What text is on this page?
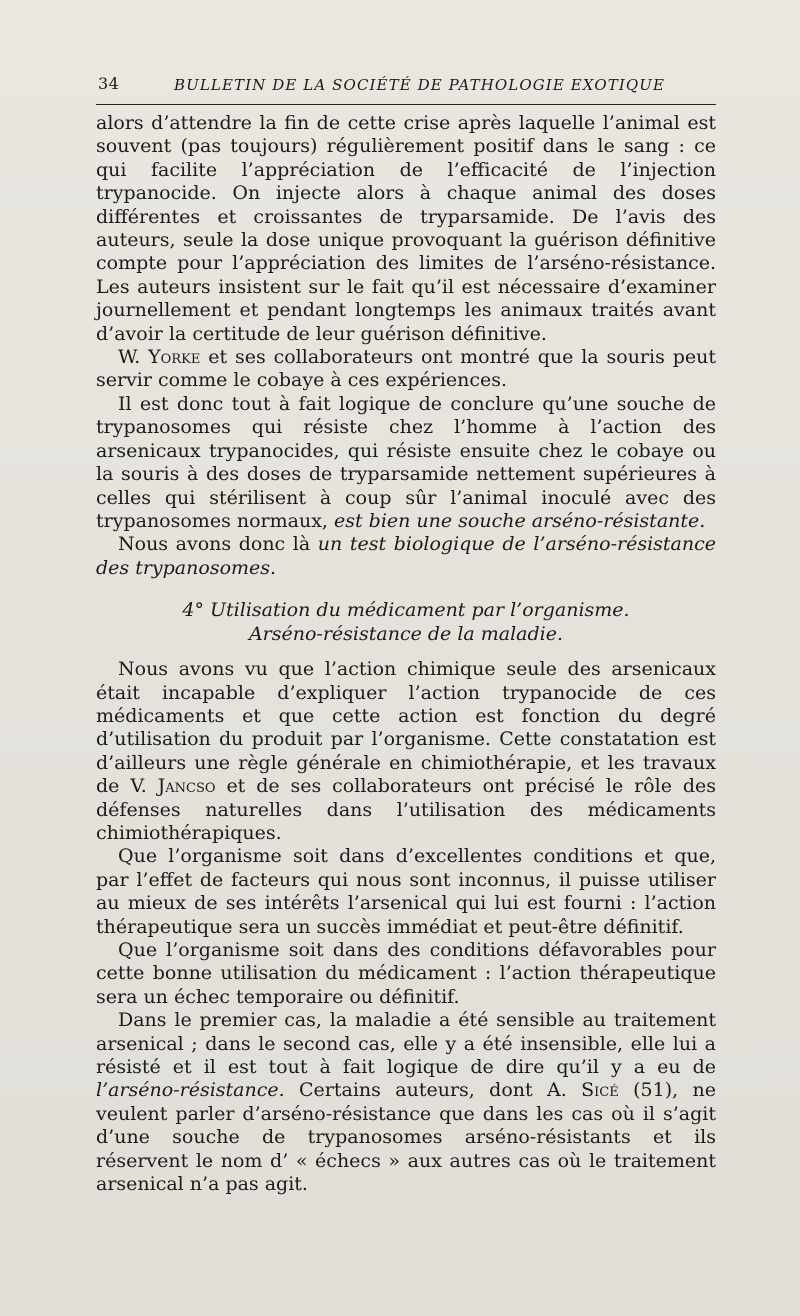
34	BULLETIN DE LA SOCIÉTÉ DE PATHOLOGIE EXOTIQUE

alors d’attendre la fin de cette crise après laquelle l’animal est souvent (pas toujours) régulièrement positif dans le sang : ce qui facilite l’appréciation de l’efficacité de l’injection trypanocide. On injecte alors à chaque animal des doses différentes et croissantes de tryparsamide. De l’avis des auteurs, seule la dose unique provoquant la guérison définitive compte pour l’appréciation des limites de l’arséno-résistance. Les auteurs insistent sur le fait qu’il est nécessaire d’examiner journellement et pendant longtemps les animaux traités avant d’avoir la certitude de leur guérison définitive.

W. Yorke et ses collaborateurs ont montré que la souris peut servir comme le cobaye à ces expériences.

Il est donc tout à fait logique de conclure qu’une souche de trypanosomes qui résiste chez l’homme à l’action des arsenicaux trypanocides, qui résiste ensuite chez le cobaye ou la souris à des doses de tryparsamide nettement supérieures à celles qui stérilisent à coup sûr l’animal inoculé avec des trypanosomes normaux, est bien une souche arséno-résistante.

Nous avons donc là un test biologique de l’arséno-résistance des trypanosomes.

4° Utilisation du médicament par l’organisme.
Arséno-résistance de la maladie.

Nous avons vu que l’action chimique seule des arsenicaux était incapable d’expliquer l’action trypanocide de ces médicaments et que cette action est fonction du degré d’utilisation du produit par l’organisme. Cette constatation est d’ailleurs une règle générale en chimiothérapie, et les travaux de V. Jancso et de ses collaborateurs ont précisé le rôle des défenses naturelles dans l’utilisation des médicaments chimiothérapiques.

Que l’organisme soit dans d’excellentes conditions et que, par l’effet de facteurs qui nous sont inconnus, il puisse utiliser au mieux de ses intérêts l’arsenical qui lui est fourni : l’action thérapeutique sera un succès immédiat et peut-être définitif.

Que l’organisme soit dans des conditions défavorables pour cette bonne utilisation du médicament : l’action thérapeutique sera un échec temporaire ou définitif.

Dans le premier cas, la maladie a été sensible au traitement arsenical ; dans le second cas, elle y a été insensible, elle lui a résisté et il est tout à fait logique de dire qu’il y a eu de l’arséno-résistance. Certains auteurs, dont A. Sicé (51), ne veulent parler d’arséno-résistance que dans les cas où il s’agit d’une souche de trypanosomes arséno-résistants et ils réservent le nom d’ « échecs » aux autres cas où le traitement arsenical n’a pas agit.
